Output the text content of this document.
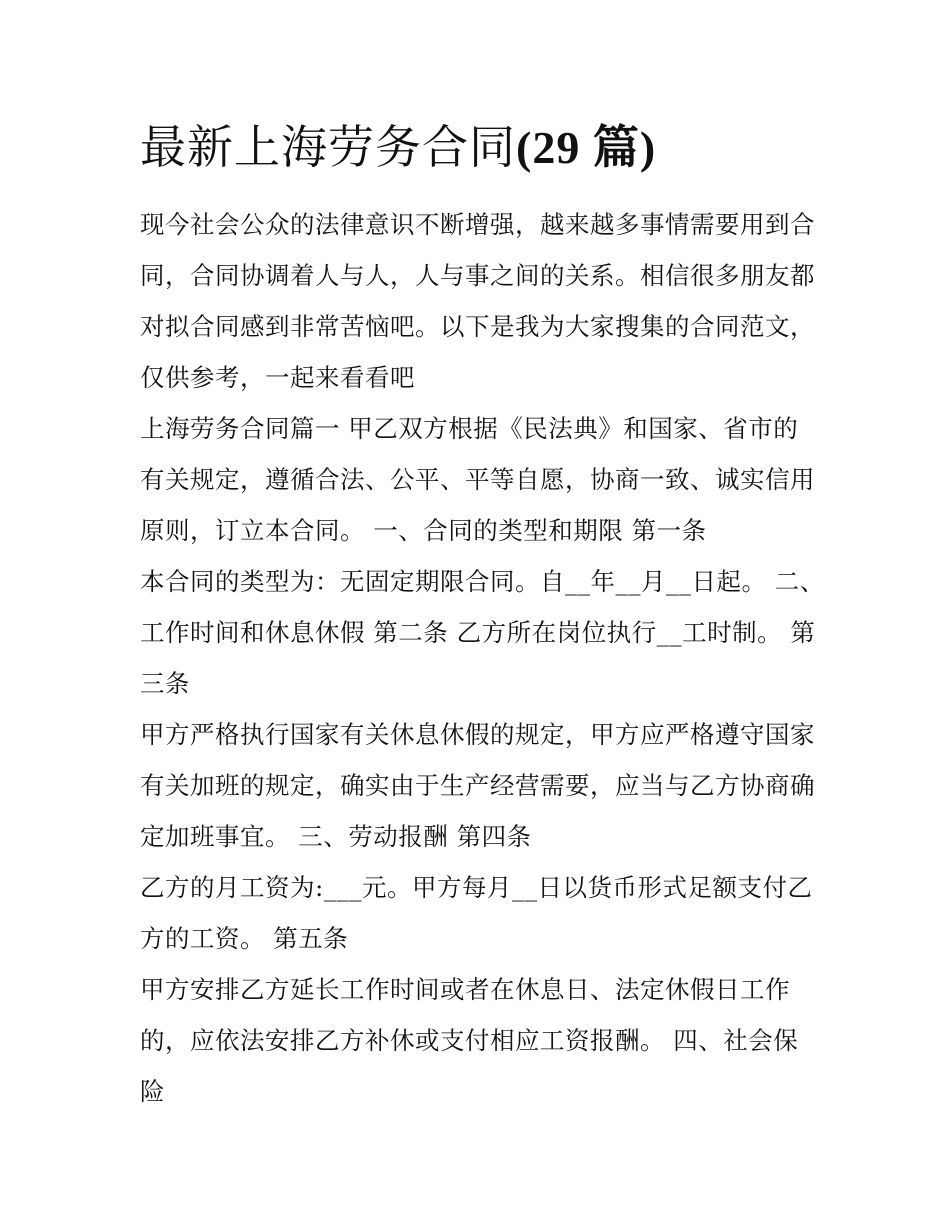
最新上海劳务合同(29 篇)
现今社会公众的法律意识不断增强，越来越多事情需要用到合
同，合同协调着人与人，人与事之间的关系。相信很多朋友都
对拟合同感到非常苦恼吧。以下是我为大家搜集的合同范文，
仅供参考，一起来看看吧
上海劳务合同篇一 甲乙双方根据《民法典》和国家、省市的
有关规定，遵循合法、公平、平等自愿，协商一致、诚实信用
原则，订立本合同。 一、合同的类型和期限 第一条
本合同的类型为：无固定期限合同。自__年__月__日起。 二、
工作时间和休息休假 第二条 乙方所在岗位执行__工时制。 第
三条
甲方严格执行国家有关休息休假的规定，甲方应严格遵守国家
有关加班的规定，确实由于生产经营需要，应当与乙方协商确
定加班事宜。 三、劳动报酬 第四条
乙方的月工资为:___元。甲方每月__日以货币形式足额支付乙
方的工资。 第五条
甲方安排乙方延长工作时间或者在休息日、法定休假日工作
的，应依法安排乙方补休或支付相应工资报酬。 四、社会保
险
